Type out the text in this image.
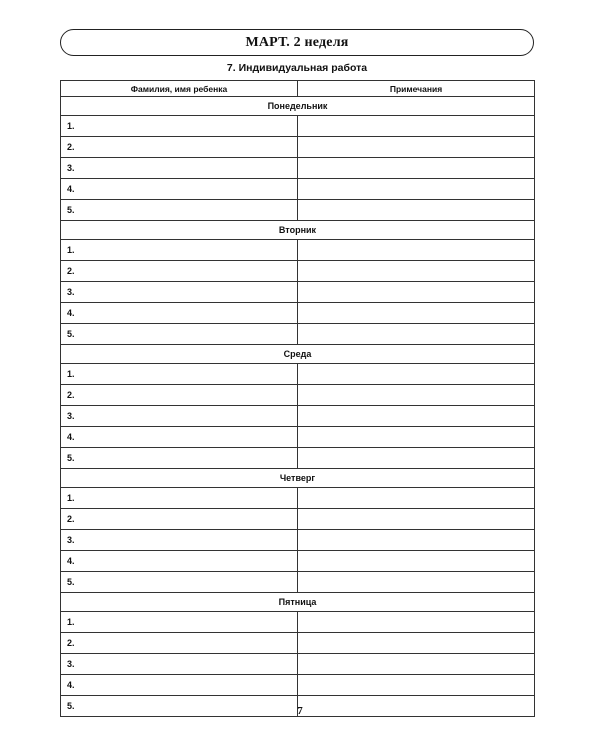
МАРТ. 2 неделя
7. Индивидуальная работа
Фамилия, имя ребенка	Примечания
Понедельник	
1.	
2.	
3.	
4.	
5.	
Вторник	
1.	
2.	
3.	
4.	
5.	
Среда	
1.	
2.	
3.	
4.	
5.	
Четверг	
1.	
2.	
3.	
4.	
5.	
Пятница	
1.	
2.	
3.	
4.	
5.		7
